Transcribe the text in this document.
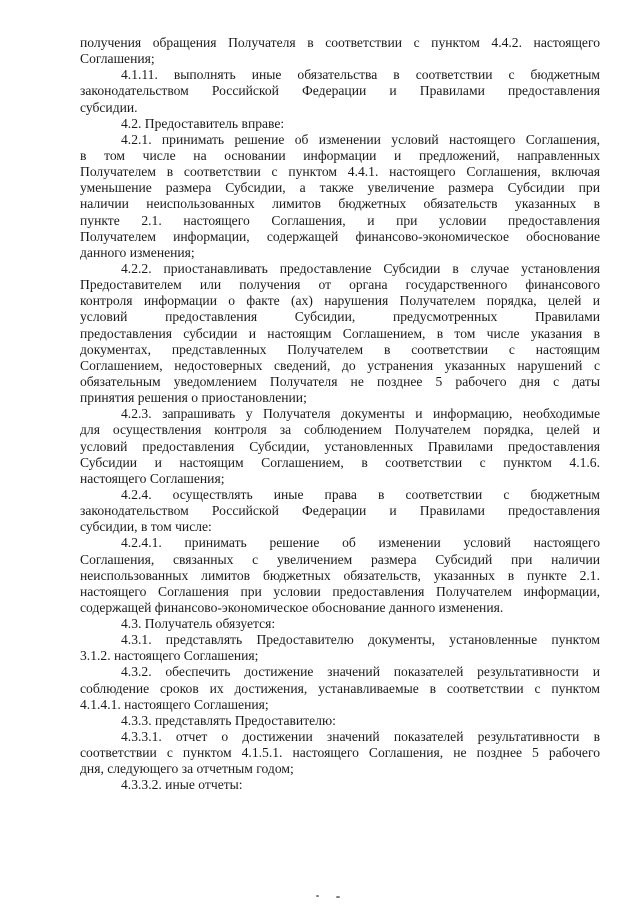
получения обращения Получателя в соответствии с пунктом 4.4.2. настоящего
Соглашения;
4.1.11. выполнять иные обязательства в соответствии с бюджетным
законодательством Российской Федерации и Правилами предоставления
субсидии.
4.2. Предоставитель вправе:
4.2.1. принимать решение об изменении условий настоящего Соглашения,
в том числе на основании информации и предложений, направленных
Получателем в соответствии с пунктом 4.4.1. настоящего Соглашения, включая
уменьшение размера Субсидии, а также увеличение размера Субсидии при
наличии неиспользованных лимитов бюджетных обязательств указанных в
пункте 2.1. настоящего Соглашения, и при условии предоставления
Получателем информации, содержащей финансово-экономическое обоснование
данного изменения;
4.2.2. приостанавливать предоставление Субсидии в случае установления
Предоставителем или получения от органа государственного финансового
контроля информации о факте (ах) нарушения Получателем порядка, целей и
условий предоставления Субсидии, предусмотренных Правилами
предоставления субсидии и настоящим Соглашением, в том числе указания в
документах, представленных Получателем в соответствии с настоящим
Соглашением, недостоверных сведений, до устранения указанных нарушений с
обязательным уведомлением Получателя не позднее 5 рабочего дня с даты
принятия решения о приостановлении;
4.2.3. запрашивать у Получателя документы и информацию, необходимые
для осуществления контроля за соблюдением Получателем порядка, целей и
условий предоставления Субсидии, установленных Правилами предоставления
Субсидии и настоящим Соглашением, в соответствии с пунктом 4.1.6.
настоящего Соглашения;
4.2.4. осуществлять иные права в соответствии с бюджетным
законодательством Российской Федерации и Правилами предоставления
субсидии, в том числе:
4.2.4.1. принимать решение об изменении условий настоящего
Соглашения, связанных с увеличением размера Субсидий при наличии
неиспользованных лимитов бюджетных обязательств, указанных в пункте 2.1.
настоящего Соглашения при условии предоставления Получателем информации,
содержащей финансово-экономическое обоснование данного изменения.
4.3. Получатель обязуется:
4.3.1. представлять Предоставителю документы, установленные пунктом
3.1.2. настоящего Соглашения;
4.3.2. обеспечить достижение значений показателей результативности и
соблюдение сроков их достижения, устанавливаемые в соответствии с пунктом
4.1.4.1. настоящего Соглашения;
4.3.3. представлять Предоставителю:
4.3.3.1. отчет о достижении значений показателей результативности в
соответствии с пунктом 4.1.5.1. настоящего Соглашения, не позднее 5 рабочего
дня, следующего за отчетным годом;
4.3.3.2. иные отчеты:
